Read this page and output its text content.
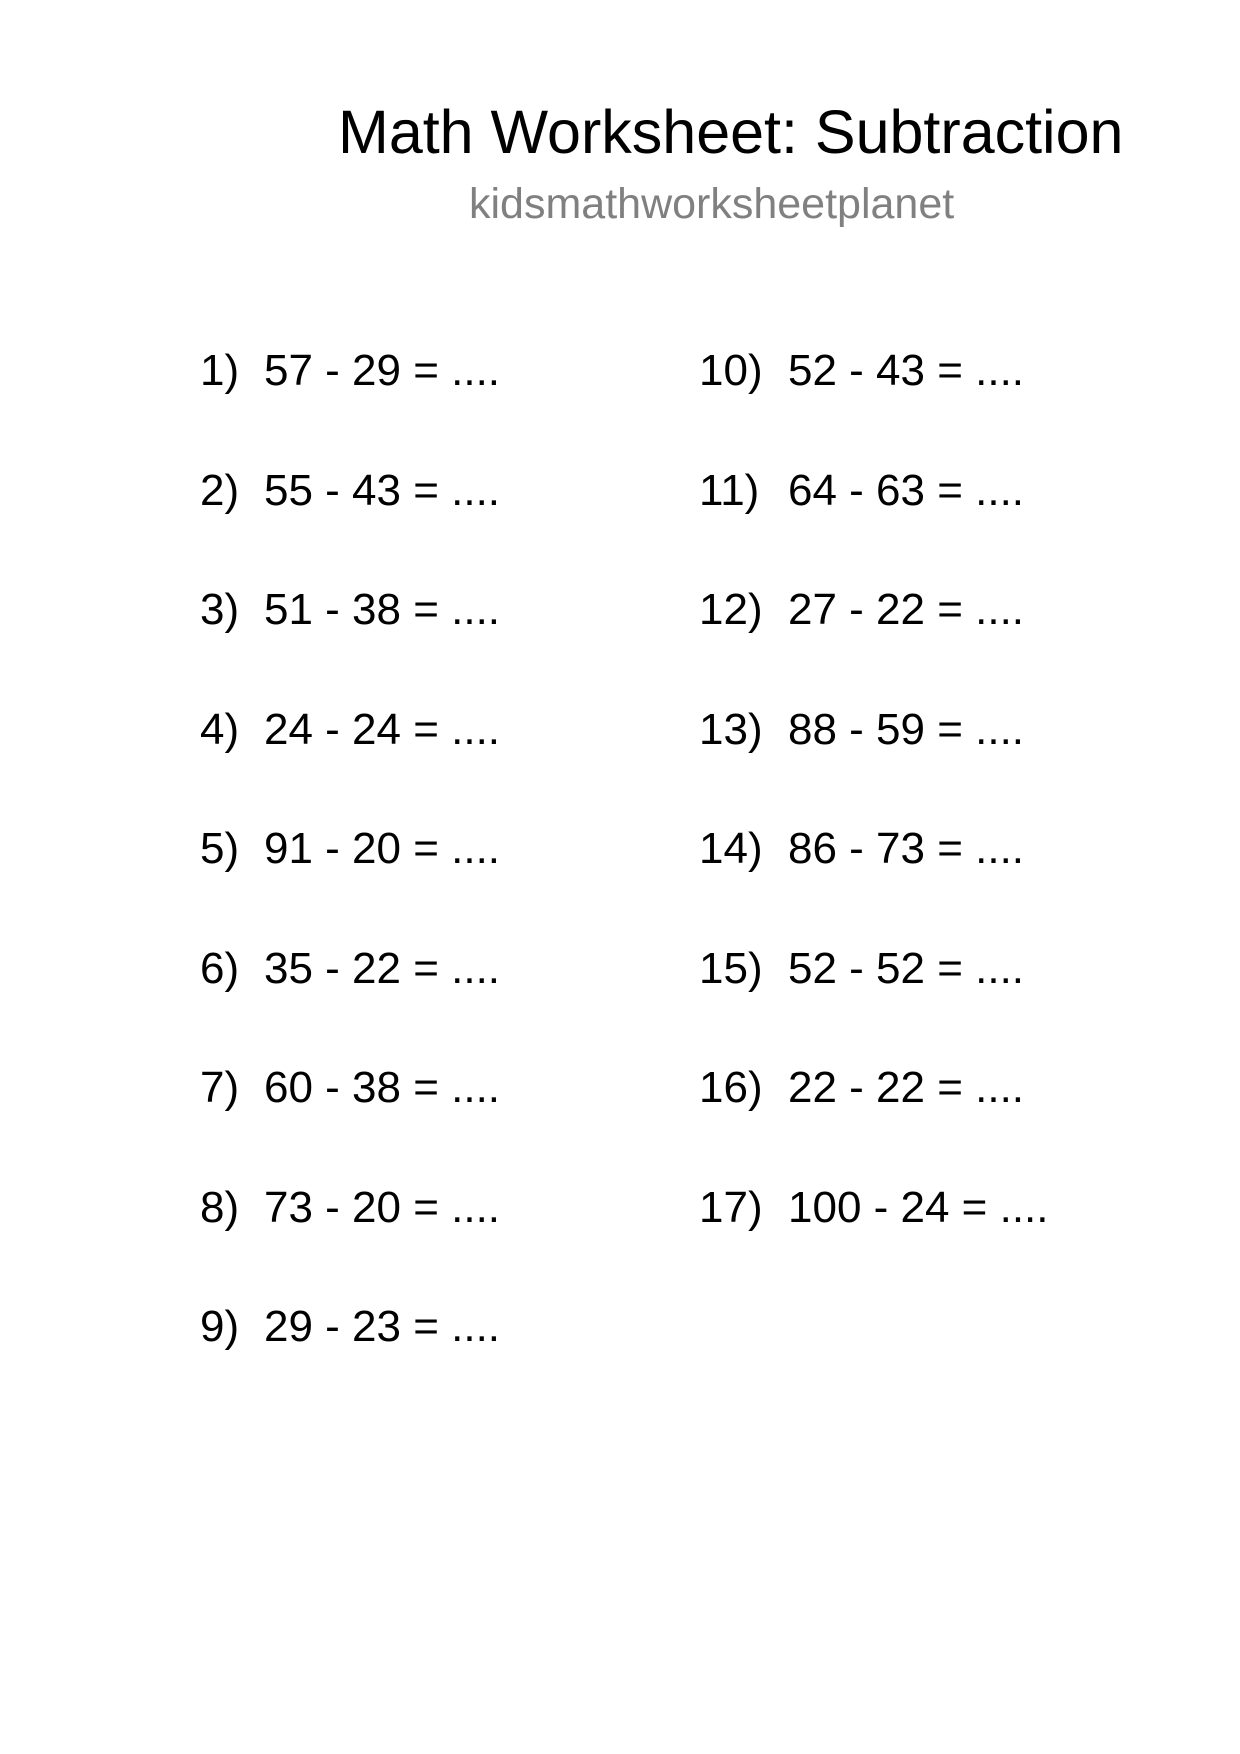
Math Worksheet: Subtraction
kidsmathworksheetplanet
1) 57 - 29 = ....
2) 55 - 43 = ....
3) 51 - 38 = ....
4) 24 - 24 = ....
5) 91 - 20 = ....
6) 35 - 22 = ....
7) 60 - 38 = ....
8) 73 - 20 = ....
9) 29 - 23 = ....
10) 52 - 43 = ....
11) 64 - 63 = ....
12) 27 - 22 = ....
13) 88 - 59 = ....
14) 86 - 73 = ....
15) 52 - 52 = ....
16) 22 - 22 = ....
17) 100 - 24 = ....
